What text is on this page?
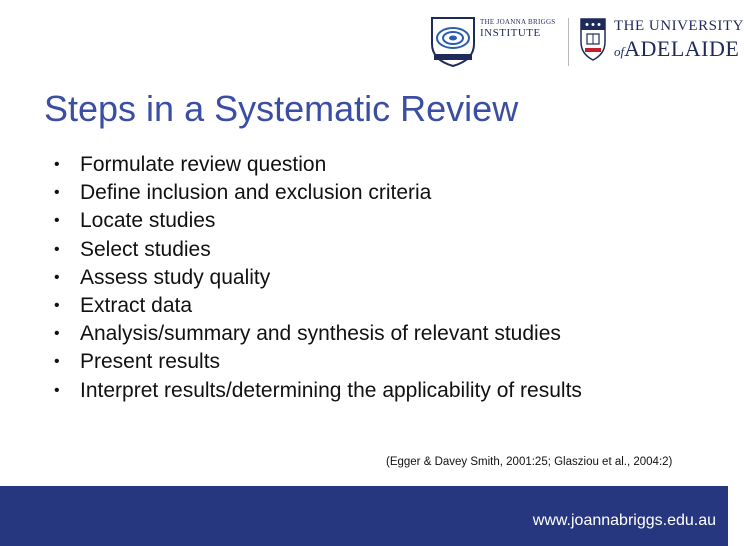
THE JOANNA BRIGGS
INSTITUTE	THE UNIVERSITY
ofADELAIDE
Steps in a Systematic Review
• Formulate review question
• Define inclusion and exclusion criteria
• Locate studies
• Select studies
• Assess study quality
• Extract data
• Analysis/summary and synthesis of relevant studies
• Present results
• Interpret results/determining the applicability of results
(Egger & Davey Smith, 2001:25; Glasziou et al., 2004:2)
www.joannabriggs.edu.au
